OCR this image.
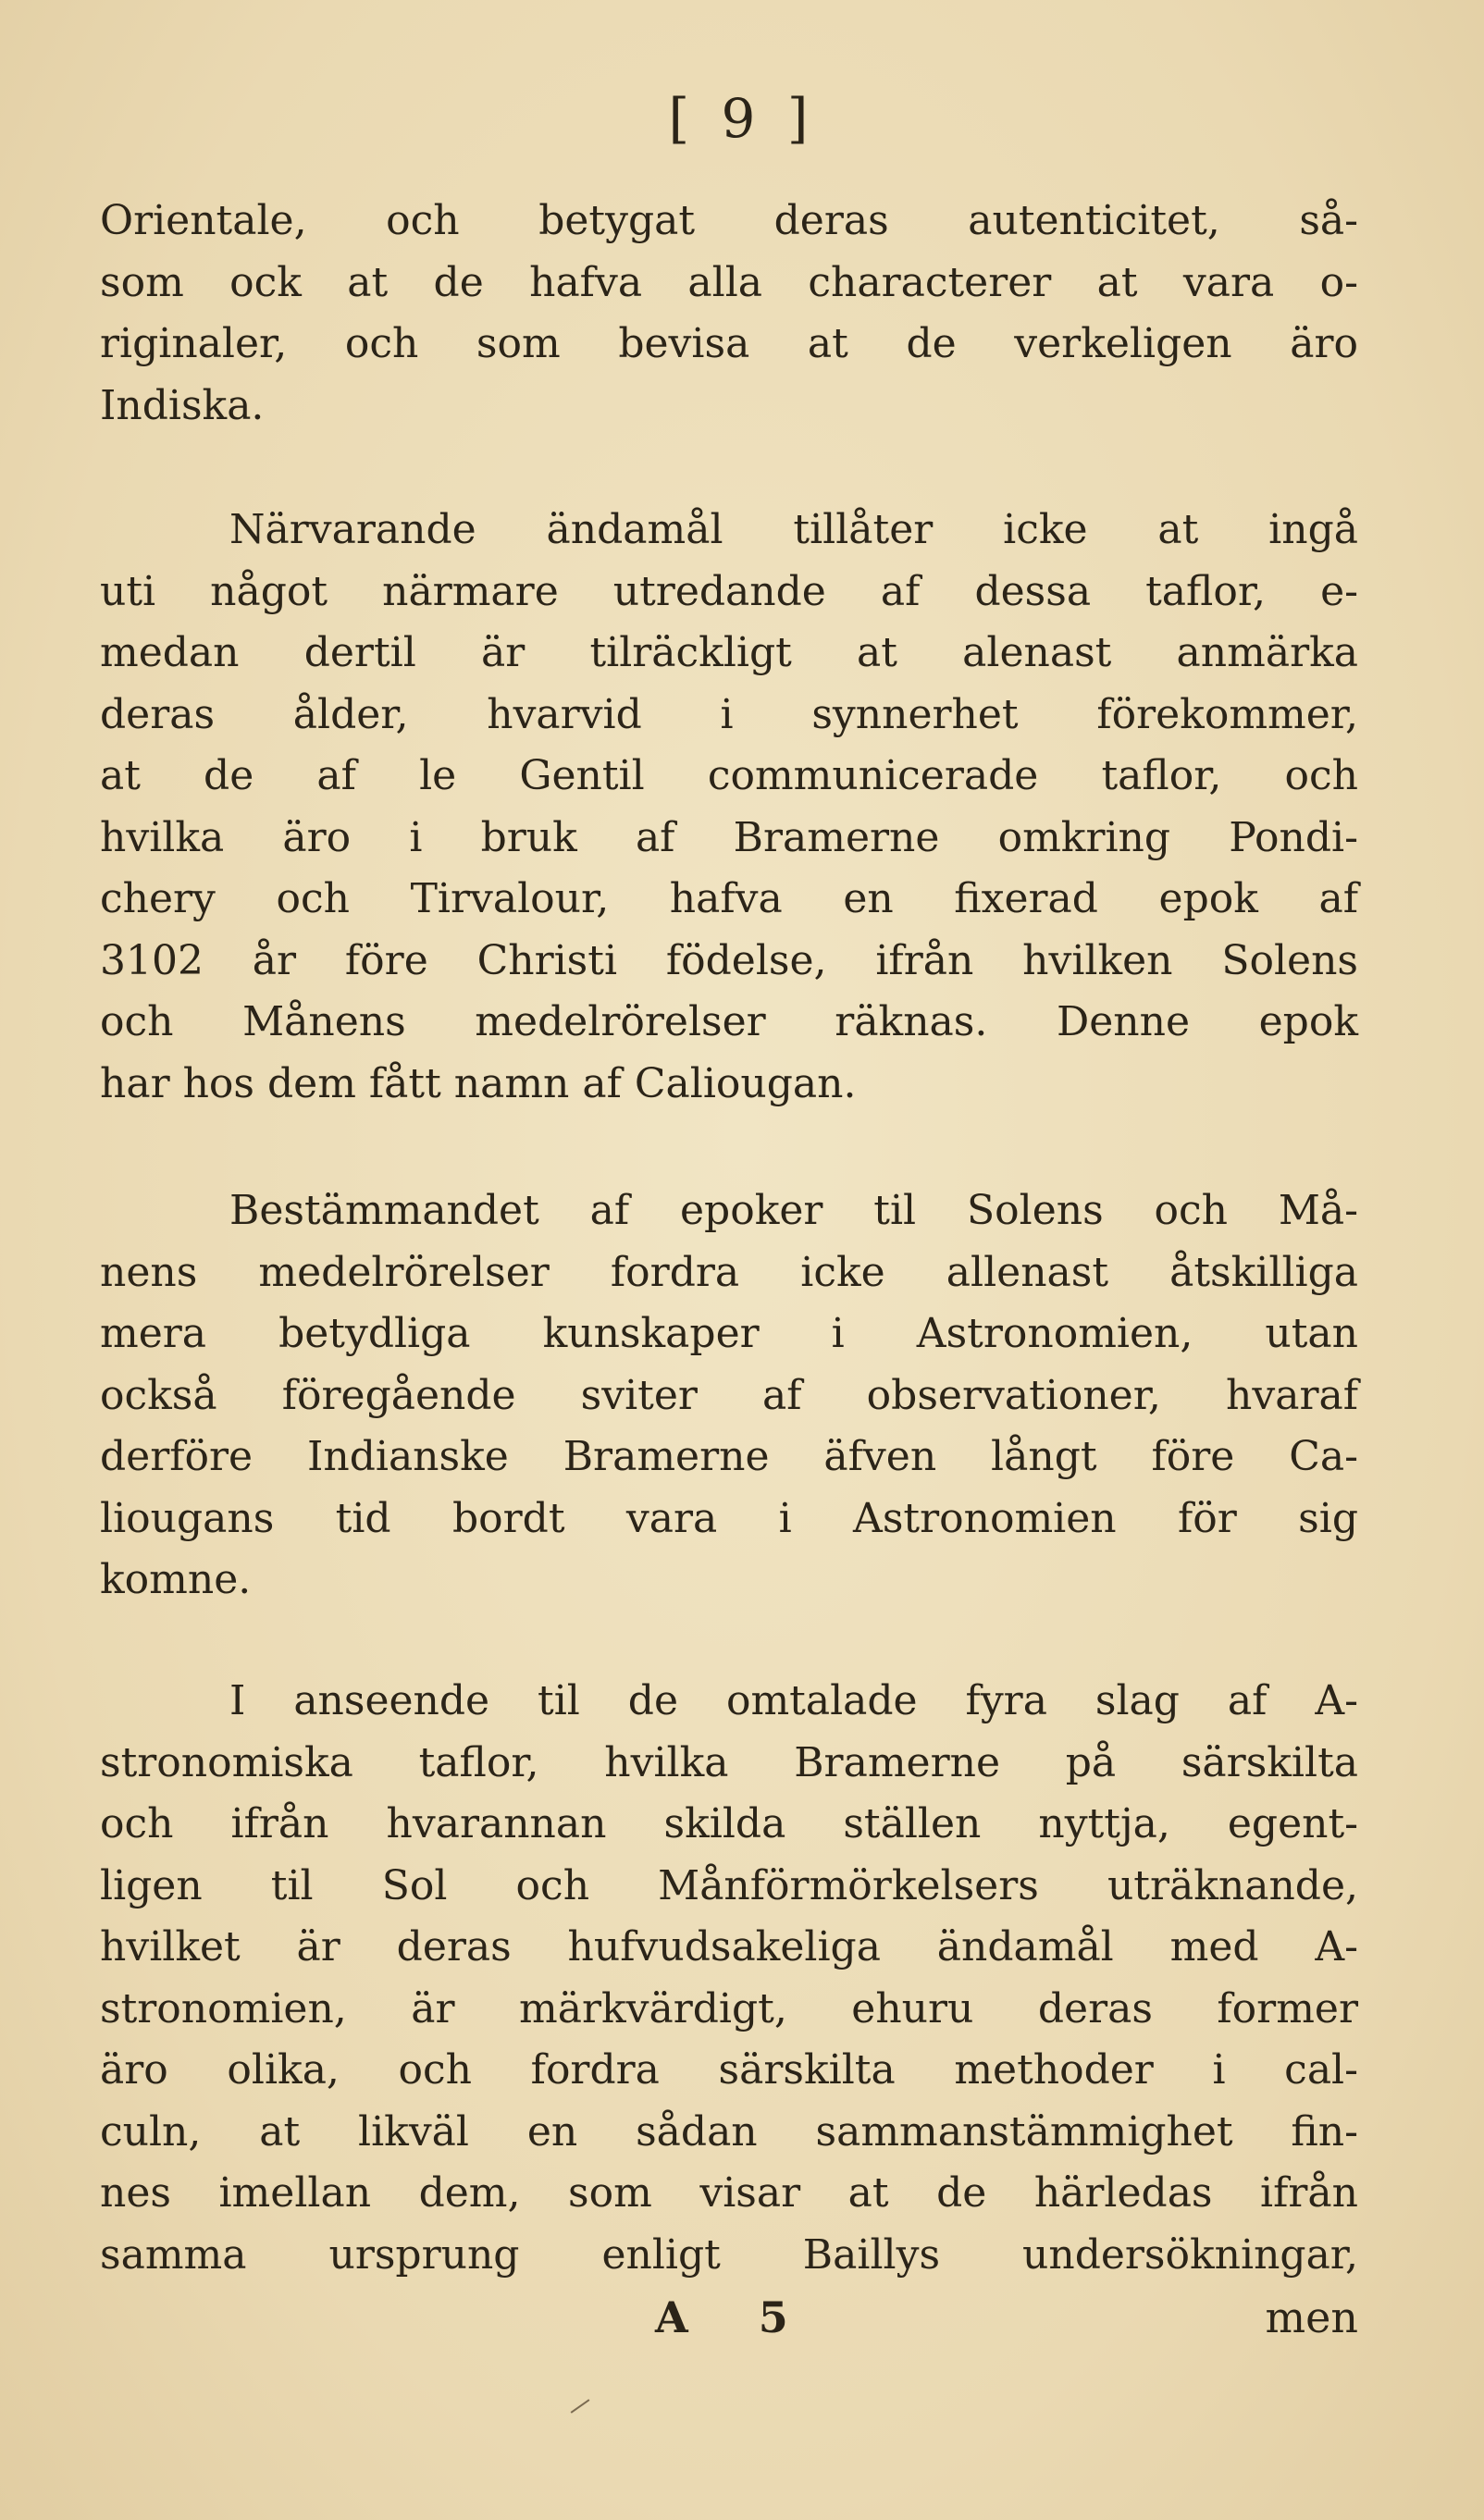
[ 9 ]
Orientale, och betygat deras autenticitet, så-
som ock at de hafva alla characterer at vara o-
riginaler, och som bevisa at de verkeligen äro
Indiska.
Närvarande ändamål tillåter icke at ingå
uti något närmare utredande af dessa taflor, e-
medan dertil är tilräckligt at alenast anmärka
deras ålder, hvarvid i synnerhet förekommer,
at de af le Gentil communicerade taflor, och
hvilka äro i bruk af Bramerne omkring Pondi-
chery och Tirvalour, hafva en fixerad epok af
3102 år före Christi födelse, ifrån hvilken Solens
och Månens medelrörelser räknas. Denne epok
har hos dem fått namn af Caliougan.
Bestämmandet af epoker til Solens och Må-
nens medelrörelser fordra icke allenast åtskilliga
mera betydliga kunskaper i Astronomien, utan
också föregående sviter af observationer, hvaraf
derföre Indianske Bramerne äfven långt före Ca-
liougans tid bordt vara i Astronomien för sig
komne.
I anseende til de omtalade fyra slag af A-
stronomiska taflor, hvilka Bramerne på särskilta
och ifrån hvarannan skilda ställen nyttja, egent-
ligen til Sol och Månförmörkelsers uträknande,
hvilket är deras hufvudsakeliga ändamål med A-
stronomien, är märkvärdigt, ehuru deras former
äro olika, och fordra särskilta methoder i cal-
culn, at likväl en sådan sammanstämmighet fin-
nes imellan dem, som visar at de härledas ifrån
samma ursprung enligt Baillys undersökningar,
A 5	men
